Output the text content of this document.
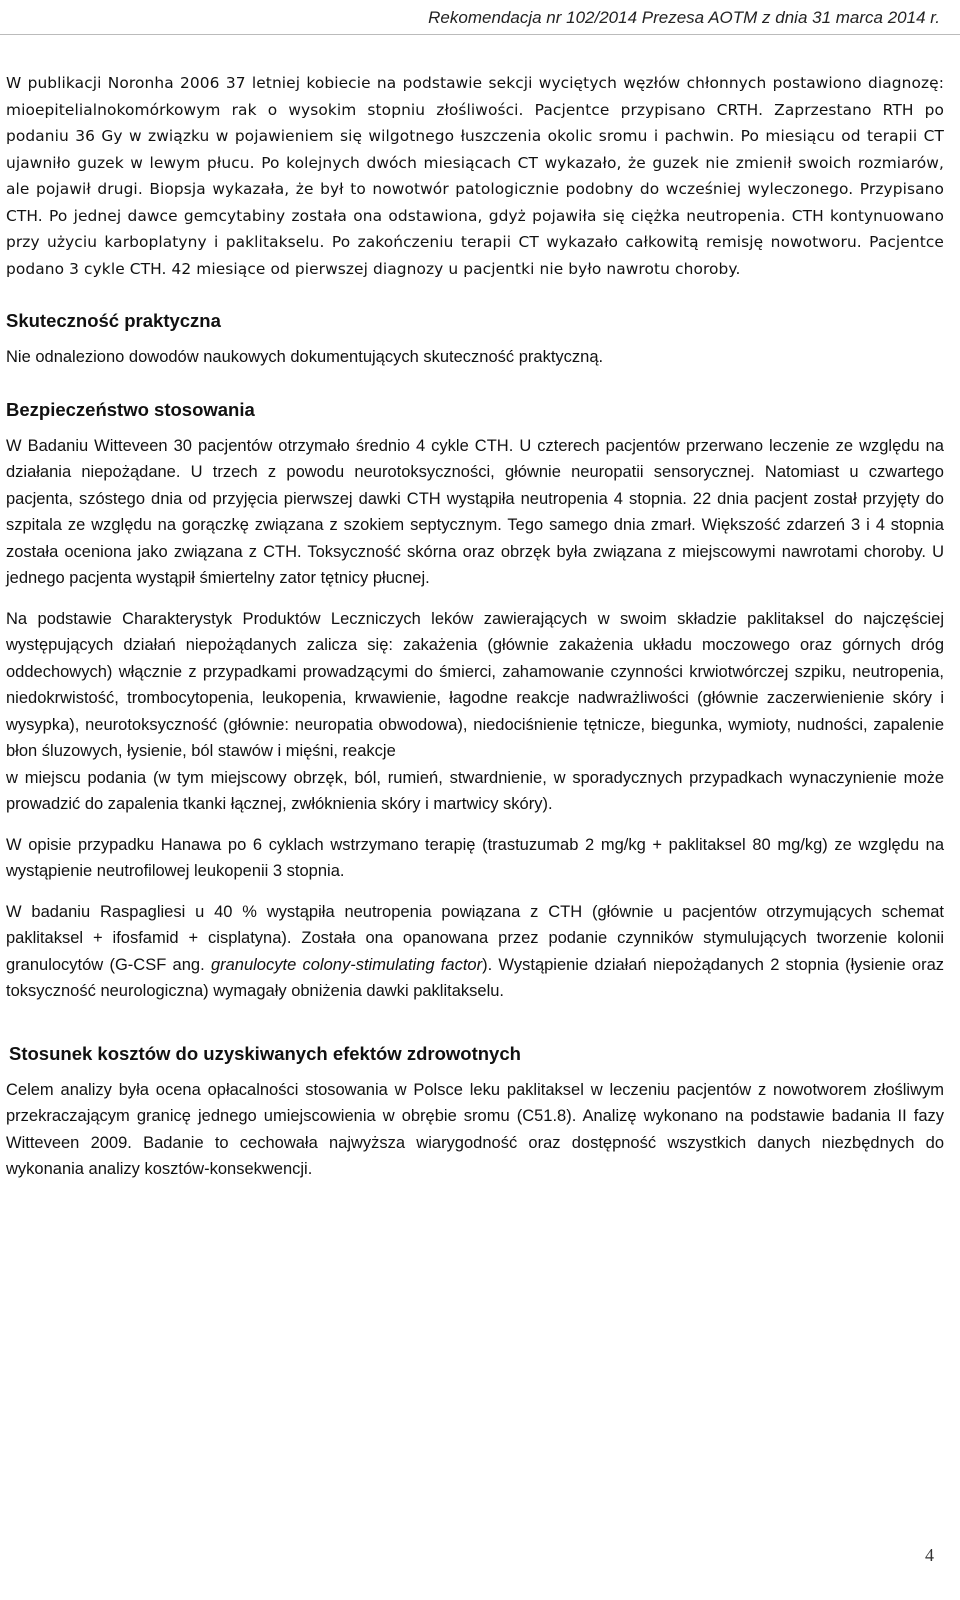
Rekomendacja nr 102/2014 Prezesa AOTM z dnia 31 marca 2014 r.

W publikacji Noronha 2006 37 letniej kobiecie na podstawie sekcji wyciętych węzłów chłonnych postawiono diagnozę: mioepitelialnokomórkowym rak o wysokim stopniu złośliwości. Pacjentce przypisano CRTH. Zaprzestano RTH po podaniu 36 Gy w związku w pojawieniem się wilgotnego łuszczenia okolic sromu i pachwin. Po miesiącu od terapii CT ujawniło guzek w lewym płucu. Po kolejnych dwóch miesiącach CT wykazało, że guzek nie zmienił swoich rozmiarów, ale pojawił drugi. Biopsja wykazała, że był to nowotwór patologicznie podobny do wcześniej wyleczonego. Przypisano CTH. Po jednej dawce gemcytabiny została ona odstawiona, gdyż pojawiła się ciężka neutropenia. CTH kontynuowano przy użyciu karboplatyny i paklitakselu. Po zakończeniu terapii CT wykazało całkowitą remisję nowotworu. Pacjentce podano 3 cykle CTH. 42 miesiące od pierwszej diagnozy u pacjentki nie było nawrotu choroby.

Skuteczność praktyczna

Nie odnaleziono dowodów naukowych dokumentujących skuteczność praktyczną.

Bezpieczeństwo stosowania

W Badaniu Witteveen 30 pacjentów otrzymało średnio 4 cykle CTH. U czterech pacjentów przerwano leczenie ze względu na działania niepożądane. U trzech z powodu neurotoksyczności, głównie neuropatii sensorycznej. Natomiast u czwartego pacjenta, szóstego dnia od przyjęcia pierwszej dawki CTH wystąpiła neutropenia 4 stopnia. 22 dnia pacjent został przyjęty do szpitala ze względu na gorączkę związana z szokiem septycznym. Tego samego dnia zmarł. Większość zdarzeń 3 i 4 stopnia została oceniona jako związana z CTH. Toksyczność skórna oraz obrzęk była związana z miejscowymi nawrotami choroby. U jednego pacjenta wystąpił śmiertelny zator tętnicy płucnej.

Na podstawie Charakterystyk Produktów Leczniczych leków zawierających w swoim składzie paklitaksel do najczęściej występujących działań niepożądanych zalicza się: zakażenia (głównie zakażenia układu moczowego oraz górnych dróg oddechowych) włącznie z przypadkami prowadzącymi do śmierci, zahamowanie czynności krwiotwórczej szpiku, neutropenia, niedokrwistość, trombocytopenia, leukopenia, krwawienie, łagodne reakcje nadwrażliwości (głównie zaczerwienienie skóry i wysypka), neurotoksyczność (głównie: neuropatia obwodowa), niedociśnienie tętnicze, biegunka, wymioty, nudności, zapalenie błon śluzowych, łysienie, ból stawów i mięśni, reakcje

w miejscu podania (w tym miejscowy obrzęk, ból, rumień, stwardnienie, w sporadycznych przypadkach wynaczynienie może prowadzić do zapalenia tkanki łącznej, zwłóknienia skóry i martwicy skóry).

W opisie przypadku Hanawa po 6 cyklach wstrzymano terapię (trastuzumab 2 mg/kg + paklitaksel 80 mg/kg) ze względu na wystąpienie neutrofilowej leukopenii 3 stopnia.

W badaniu Raspagliesi u 40 % wystąpiła neutropenia powiązana z CTH (głównie u pacjentów otrzymujących schemat paklitaksel + ifosfamid + cisplatyna). Została ona opanowana przez podanie czynników stymulujących tworzenie kolonii granulocytów (G-CSF ang. granulocyte colony-stimulating factor). Wystąpienie działań niepożądanych 2 stopnia (łysienie oraz toksyczność neurologiczna) wymagały obniżenia dawki paklitakselu.

Stosunek kosztów do uzyskiwanych efektów zdrowotnych

Celem analizy była ocena opłacalności stosowania w Polsce leku paklitaksel w leczeniu pacjentów z nowotworem złośliwym przekraczającym granicę jednego umiejscowienia w obrębie sromu (C51.8). Analizę wykonano na podstawie badania II fazy Witteveen 2009. Badanie to cechowała najwyższa wiarygodność oraz dostępność wszystkich danych niezbędnych do wykonania analizy kosztów-konsekwencji.

4
